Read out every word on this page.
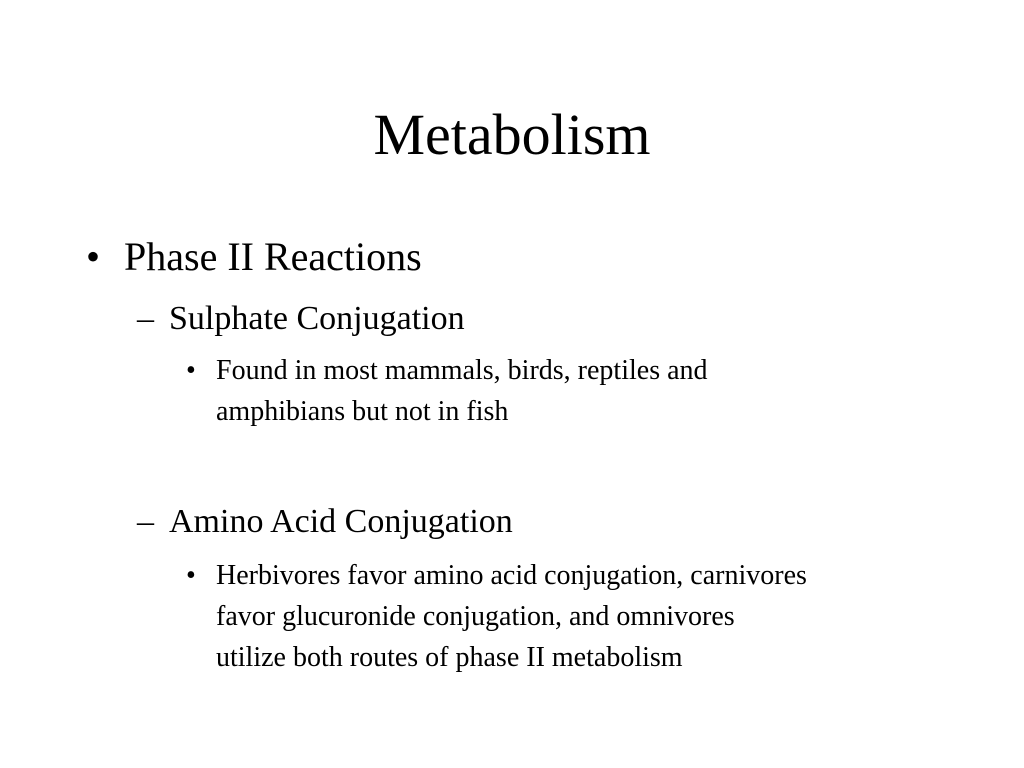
Metabolism
• Phase II Reactions
– Sulphate Conjugation
• Found in most mammals, birds, reptiles and
amphibians but not in fish
– Amino Acid Conjugation
• Herbivores favor amino acid conjugation, carnivores
favor glucuronide conjugation, and omnivores
utilize both routes of phase II metabolism
